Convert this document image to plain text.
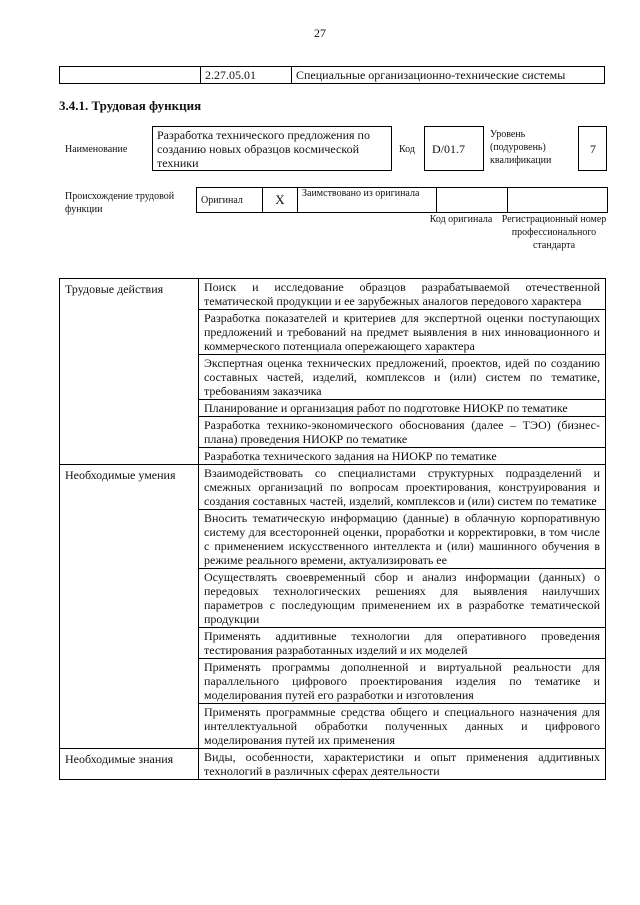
27
	2.27.05.01	Специальные организационно-технические системы
3.4.1. Трудовая функция
Наименование
Разработка технического предложения по созданию новых образцов космической техники
Код	D/01.7
Уровень (подуровень) квалификации
7
Происхождение трудовой функции
Оригинал	X	Заимствовано из оригинала		
Код оригинала Регистрационный номер профессионального стандарта
Трудовые действия	Поиск и исследование образцов разрабатываемой отечественной тематической продукции и ее зарубежных аналогов передового характера
	Разработка показателей и критериев для экспертной оценки поступающих предложений и требований на предмет выявления в них инновационного и коммерческого потенциала опережающего характера
	Экспертная оценка технических предложений, проектов, идей по созданию составных частей, изделий, комплексов и (или) систем по тематике, требованиям заказчика
	Планирование и организация работ по подготовке НИОКР по тематике
	Разработка технико-экономического обоснования (далее – ТЭО) (бизнес-плана) проведения НИОКР по тематике
	Разработка технического задания на НИОКР по тематике
Необходимые умения	Взаимодействовать со специалистами структурных подразделений и смежных организаций по вопросам проектирования, конструирования и создания составных частей, изделий, комплексов и (или) систем по тематике
	Вносить тематическую информацию (данные) в облачную корпоративную систему для всесторонней оценки, проработки и корректировки, в том числе с применением искусственного интеллекта и (или) машинного обучения в режиме реального времени, актуализировать ее
	Осуществлять своевременный сбор и анализ информации (данных) о передовых технологических решениях для выявления наилучших параметров с последующим применением их в разработке тематической продукции
	Применять аддитивные технологии для оперативного проведения тестирования разработанных изделий и их моделей
	Применять программы дополненной и виртуальной реальности для параллельного цифрового проектирования изделия по тематике и моделирования путей его разработки и изготовления
	Применять программные средства общего и специального назначения для интеллектуальной обработки полученных данных и цифрового моделирования путей их применения
Необходимые знания	Виды, особенности, характеристики и опыт применения аддитивных технологий в различных сферах деятельности
